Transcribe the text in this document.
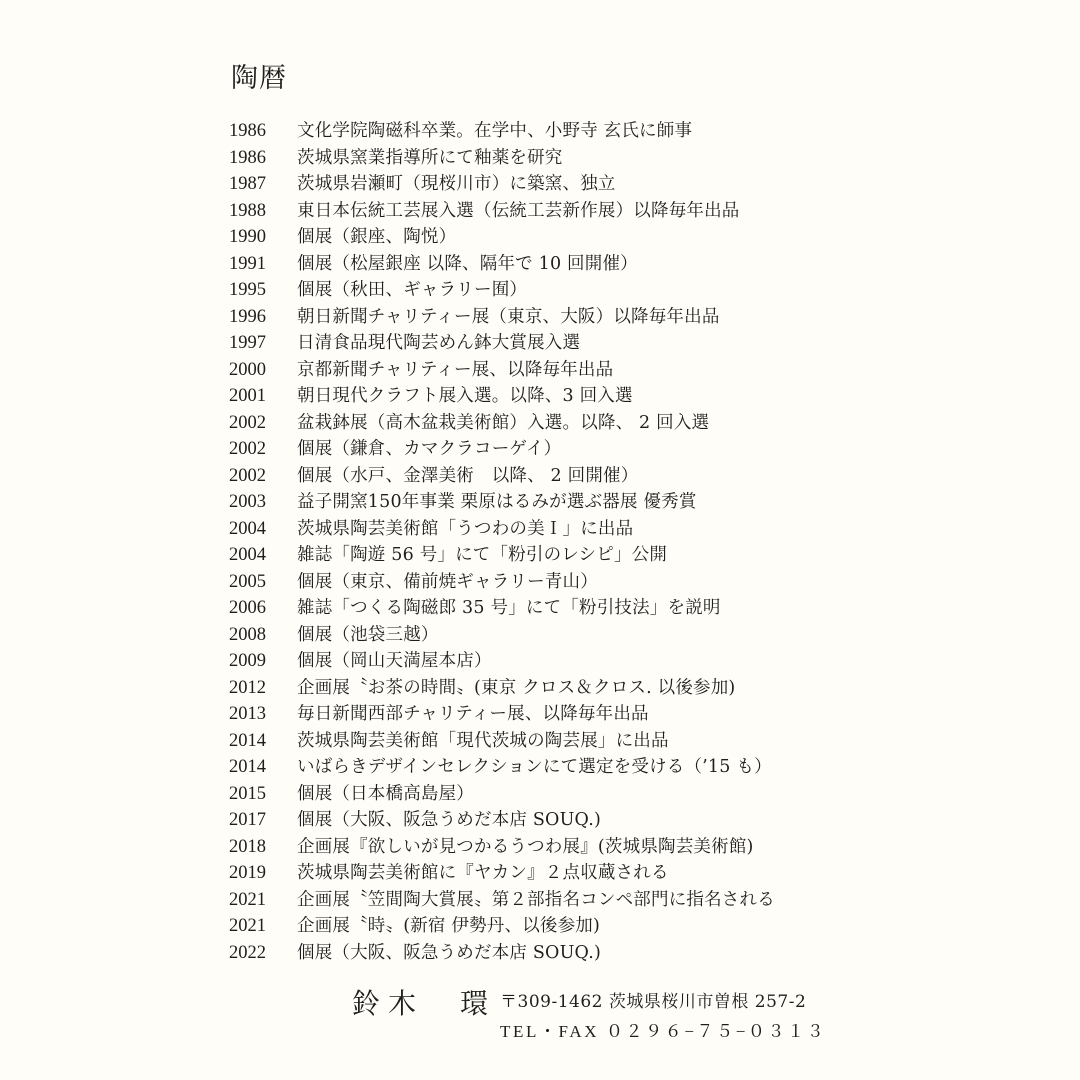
陶暦
1986	文化学院陶磁科卒業。在学中、小野寺 玄氏に師事
1986	茨城県窯業指導所にて釉薬を研究
1987	茨城県岩瀬町（現桜川市）に築窯、独立
1988	東日本伝統工芸展入選（伝統工芸新作展）以降毎年出品
1990	個展（銀座、陶悦）
1991	個展（松屋銀座 以降、隔年で 10 回開催）
1995	個展（秋田、ギャラリー囿）
1996	朝日新聞チャリティー展（東京、大阪）以降毎年出品
1997	日清食品現代陶芸めん鉢大賞展入選
2000	京都新聞チャリティー展、以降毎年出品
2001	朝日現代クラフト展入選。以降、3 回入選
2002	盆栽鉢展（高木盆栽美術館）入選。以降、 2 回入選
2002	個展（鎌倉、カマクラコーゲイ）
2002	個展（水戸、金澤美術　以降、 2 回開催）
2003	益子開窯150年事業 栗原はるみが選ぶ器展 優秀賞
2004	茨城県陶芸美術館「うつわの美Ｉ」に出品
2004	雑誌「陶遊 56 号」にて「粉引のレシピ」公開
2005	個展（東京、備前焼ギャラリー青山）
2006	雑誌「つくる陶磁郎 35 号」にて「粉引技法」を説明
2008	個展（池袋三越）
2009	個展（岡山天満屋本店）
2012	企画展〝お茶の時間〟(東京 クロス＆クロス. 以後参加)
2013	毎日新聞西部チャリティー展、以降毎年出品
2014	茨城県陶芸美術館「現代茨城の陶芸展」に出品
2014	いばらきデザインセレクションにて選定を受ける（’15 も）
2015	個展（日本橋高島屋）
2017	個展（大阪、阪急うめだ本店 SOUQ.)
2018	企画展『欲しいが見つかるうつわ展』(茨城県陶芸美術館)
2019	茨城県陶芸美術館に『ヤカン』２点収蔵される
2021	企画展〝笠間陶大賞展〟第２部指名コンペ部門に指名される
2021	企画展〝時〟(新宿 伊勢丹、以後参加)
2022	個展（大阪、阪急うめだ本店 SOUQ.)
鈴木　環 〒309-1462 茨城県桜川市曽根 257-2
TEL・FAX ０２９６−７５−０３１３
